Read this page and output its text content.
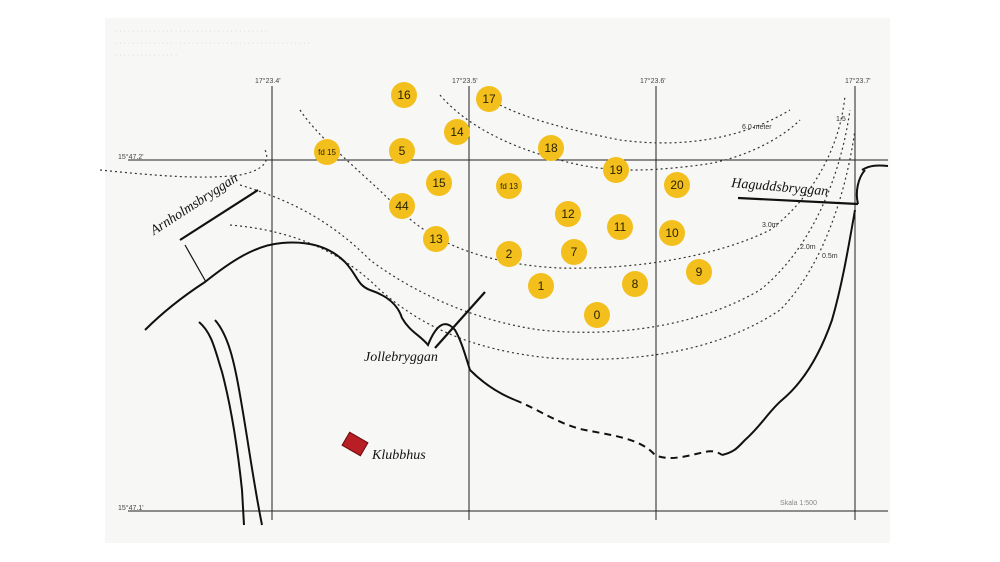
· · · · · · · · · · · · · · · · · · · · · · · · · · · · · · · · · · · ·
· · · · · · · · · · · · · · · · · · · · · · · · · · · · · · · · · · · · · · · · · · · · · ·
· · · · · · · · · · · · · · ·
17°23.4'	17°23.5'	17°23.6'	17°23.7'
15°47.2'
15°47.1'
6.0 meter
1.5
3.0m
2.0m
0.5m
Arnholmsbryggan	Haguddsbryggan
Jollebryggan
Klubbhus
Skala 1:500
16	17
14
fd 15	5	18
19
20
15	fd 13
44
12
11	10
13
2	7
9
1	8
0
